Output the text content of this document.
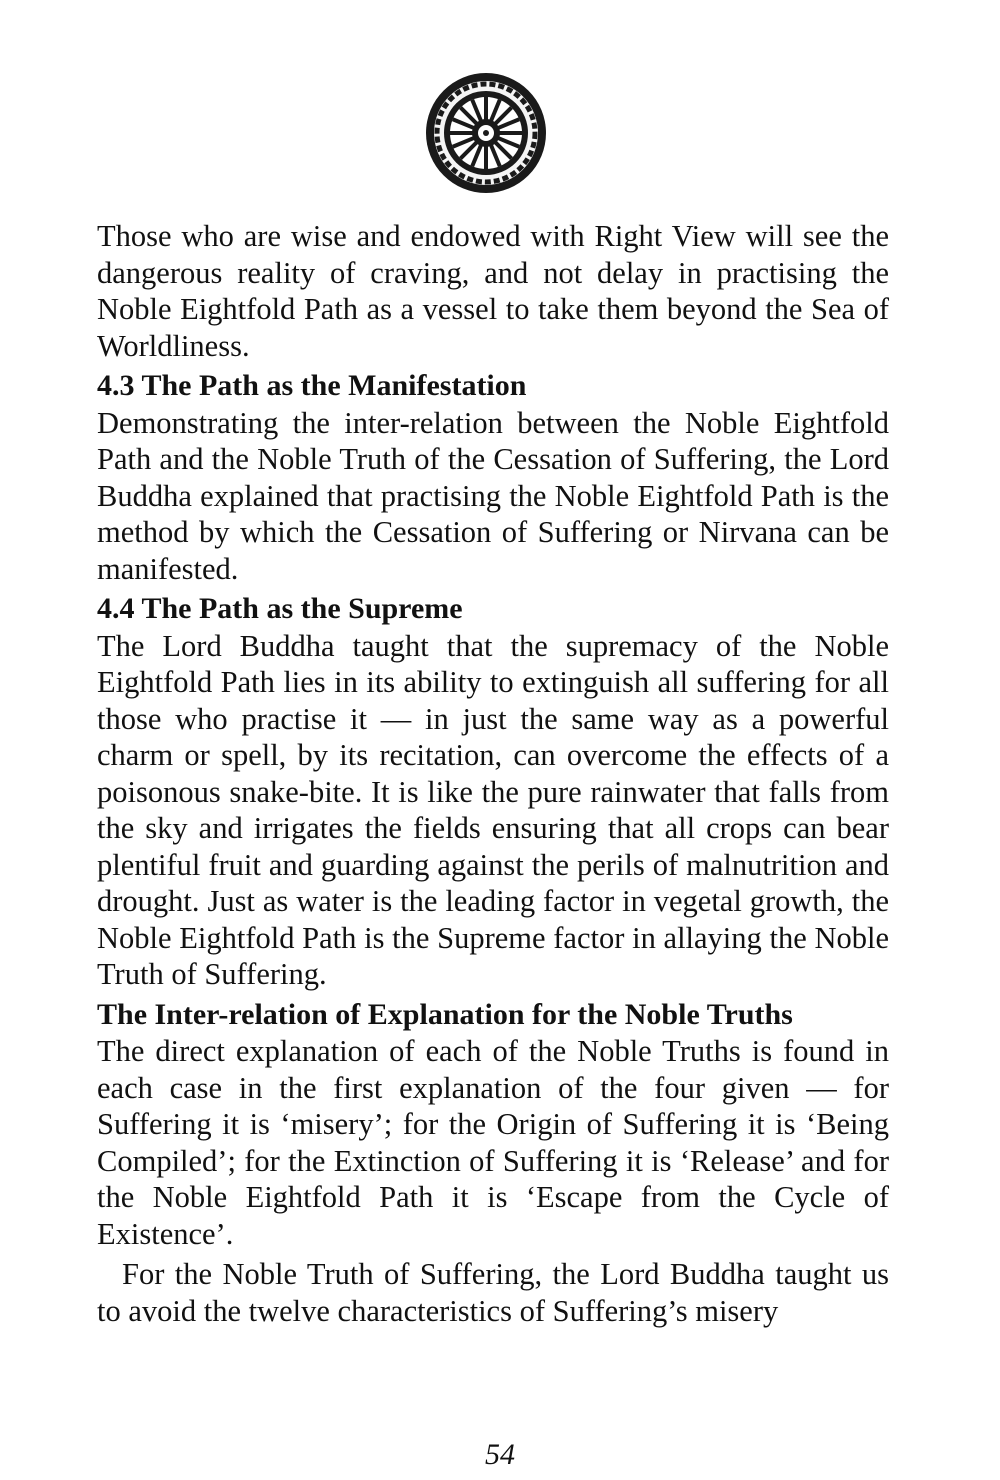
Those who are wise and endowed with Right View will see the dangerous reality of craving, and not delay in practising the Noble Eightfold Path as a vessel to take them beyond the Sea of Worldliness.

4.3 The Path as the Manifestation

Demonstrating the inter-relation between the Noble Eightfold Path and the Noble Truth of the Cessation of Suffering, the Lord Buddha explained that practising the Noble Eightfold Path is the method by which the Cessation of Suffering or Nirvana can be manifested.

4.4 The Path as the Supreme

The Lord Buddha taught that the supremacy of the Noble Eightfold Path lies in its ability to extinguish all suffering for all those who practise it — in just the same way as a powerful charm or spell, by its recitation, can overcome the effects of a poisonous snake-bite. It is like the pure rainwater that falls from the sky and irrigates the fields ensuring that all crops can bear plentiful fruit and guarding against the perils of malnutrition and drought. Just as water is the leading factor in vegetal growth, the Noble Eightfold Path is the Supreme factor in allaying the Noble Truth of Suffering.

The Inter-relation of Explanation for the Noble Truths

The direct explanation of each of the Noble Truths is found in each case in the first explanation of the four given — for Suffering it is ‘misery’; for the Origin of Suffering it is ‘Being Compiled’; for the Extinction of Suffering it is ‘Release’ and for the Noble Eightfold Path it is ‘Escape from the Cycle of Existence’.

For the Noble Truth of Suffering, the Lord Buddha taught us to avoid the twelve characteristics of Suffering’s misery

54
